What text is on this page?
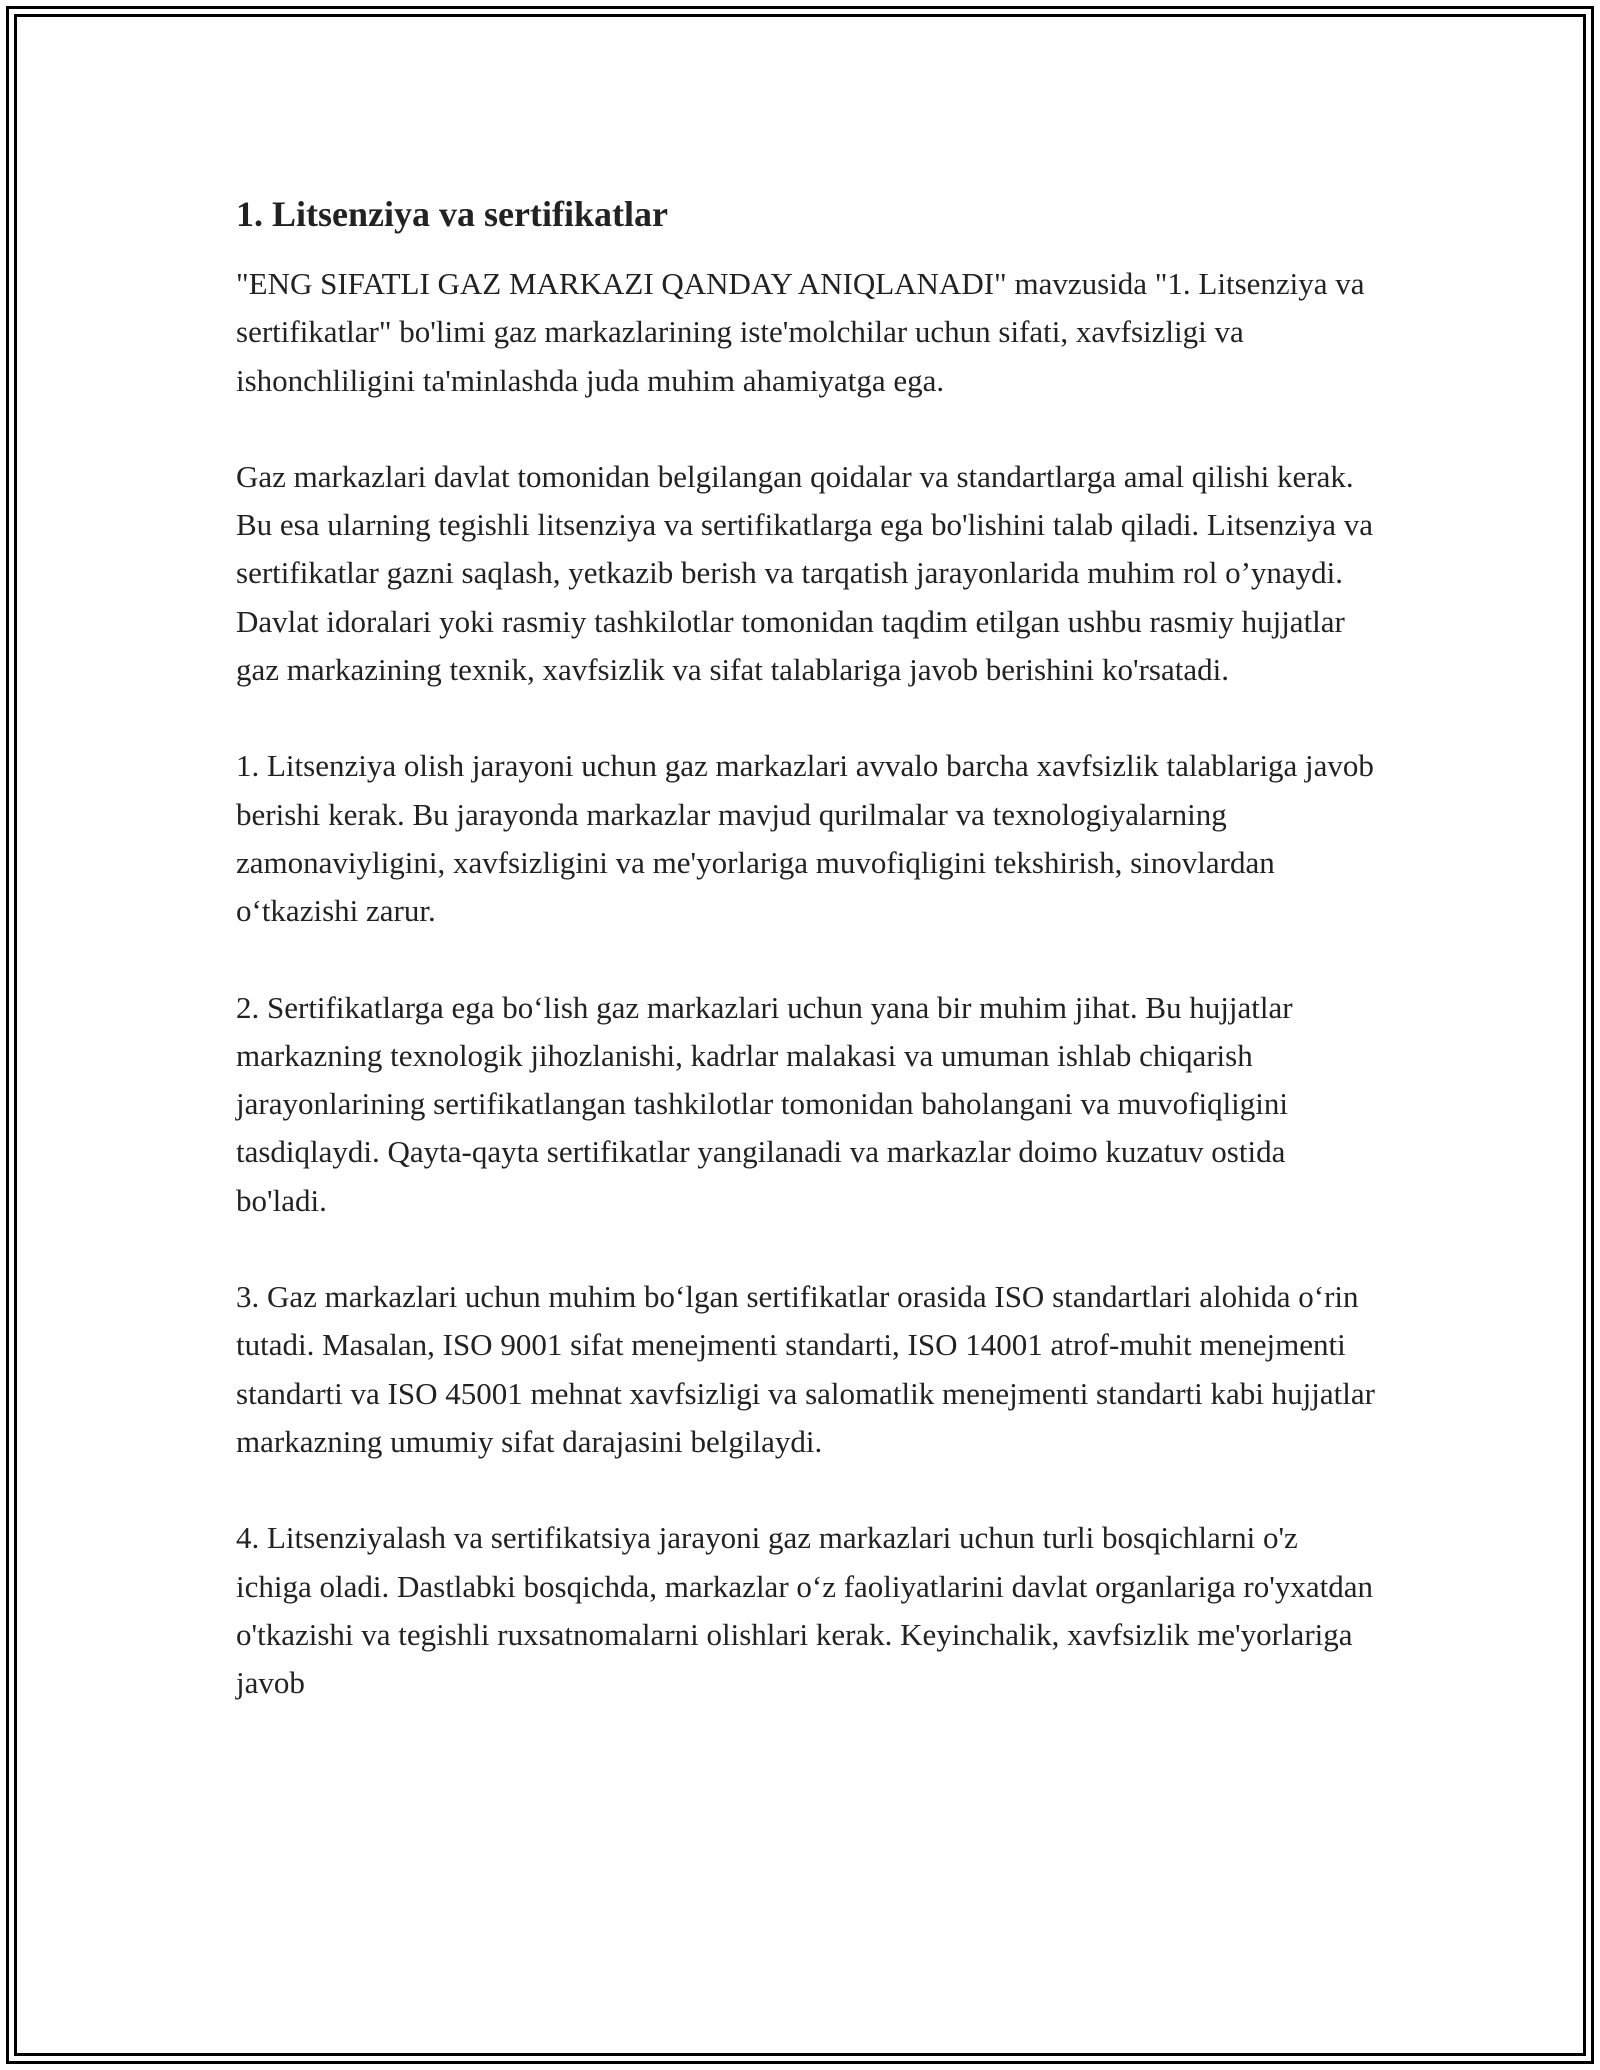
1. Litsenziya va sertifikatlar

"ENG SIFATLI GAZ MARKAZI QANDAY ANIQLANADI" mavzusida "1. Litsenziya va sertifikatlar" bo'limi gaz markazlarining iste'molchilar uchun sifati, xavfsizligi va ishonchliligini ta'minlashda juda muhim ahamiyatga ega.

Gaz markazlari davlat tomonidan belgilangan qoidalar va standartlarga amal qilishi kerak. Bu esa ularning tegishli litsenziya va sertifikatlarga ega bo'lishini talab qiladi. Litsenziya va sertifikatlar gazni saqlash, yetkazib berish va tarqatish jarayonlarida muhim rol o’ynaydi. Davlat idoralari yoki rasmiy tashkilotlar tomonidan taqdim etilgan ushbu rasmiy hujjatlar gaz markazining texnik, xavfsizlik va sifat talablariga javob berishini ko'rsatadi.

1. Litsenziya olish jarayoni uchun gaz markazlari avvalo barcha xavfsizlik talablariga javob berishi kerak. Bu jarayonda markazlar mavjud qurilmalar va texnologiyalarning zamonaviyligini, xavfsizligini va me'yorlariga muvofiqligini tekshirish, sinovlardan o‘tkazishi zarur.

2. Sertifikatlarga ega bo‘lish gaz markazlari uchun yana bir muhim jihat. Bu hujjatlar markazning texnologik jihozlanishi, kadrlar malakasi va umuman ishlab chiqarish jarayonlarining sertifikatlangan tashkilotlar tomonidan baholangani va muvofiqligini tasdiqlaydi. Qayta-qayta sertifikatlar yangilanadi va markazlar doimo kuzatuv ostida bo'ladi.

3. Gaz markazlari uchun muhim bo‘lgan sertifikatlar orasida ISO standartlari alohida o‘rin tutadi. Masalan, ISO 9001 sifat menejmenti standarti, ISO 14001 atrof-muhit menejmenti standarti va ISO 45001 mehnat xavfsizligi va salomatlik menejmenti standarti kabi hujjatlar markazning umumiy sifat darajasini belgilaydi.

4. Litsenziyalash va sertifikatsiya jarayoni gaz markazlari uchun turli bosqichlarni o'z ichiga oladi. Dastlabki bosqichda, markazlar o‘z faoliyatlarini davlat organlariga ro'yxatdan o'tkazishi va tegishli ruxsatnomalarni olishlari kerak. Keyinchalik, xavfsizlik me'yorlariga javob
